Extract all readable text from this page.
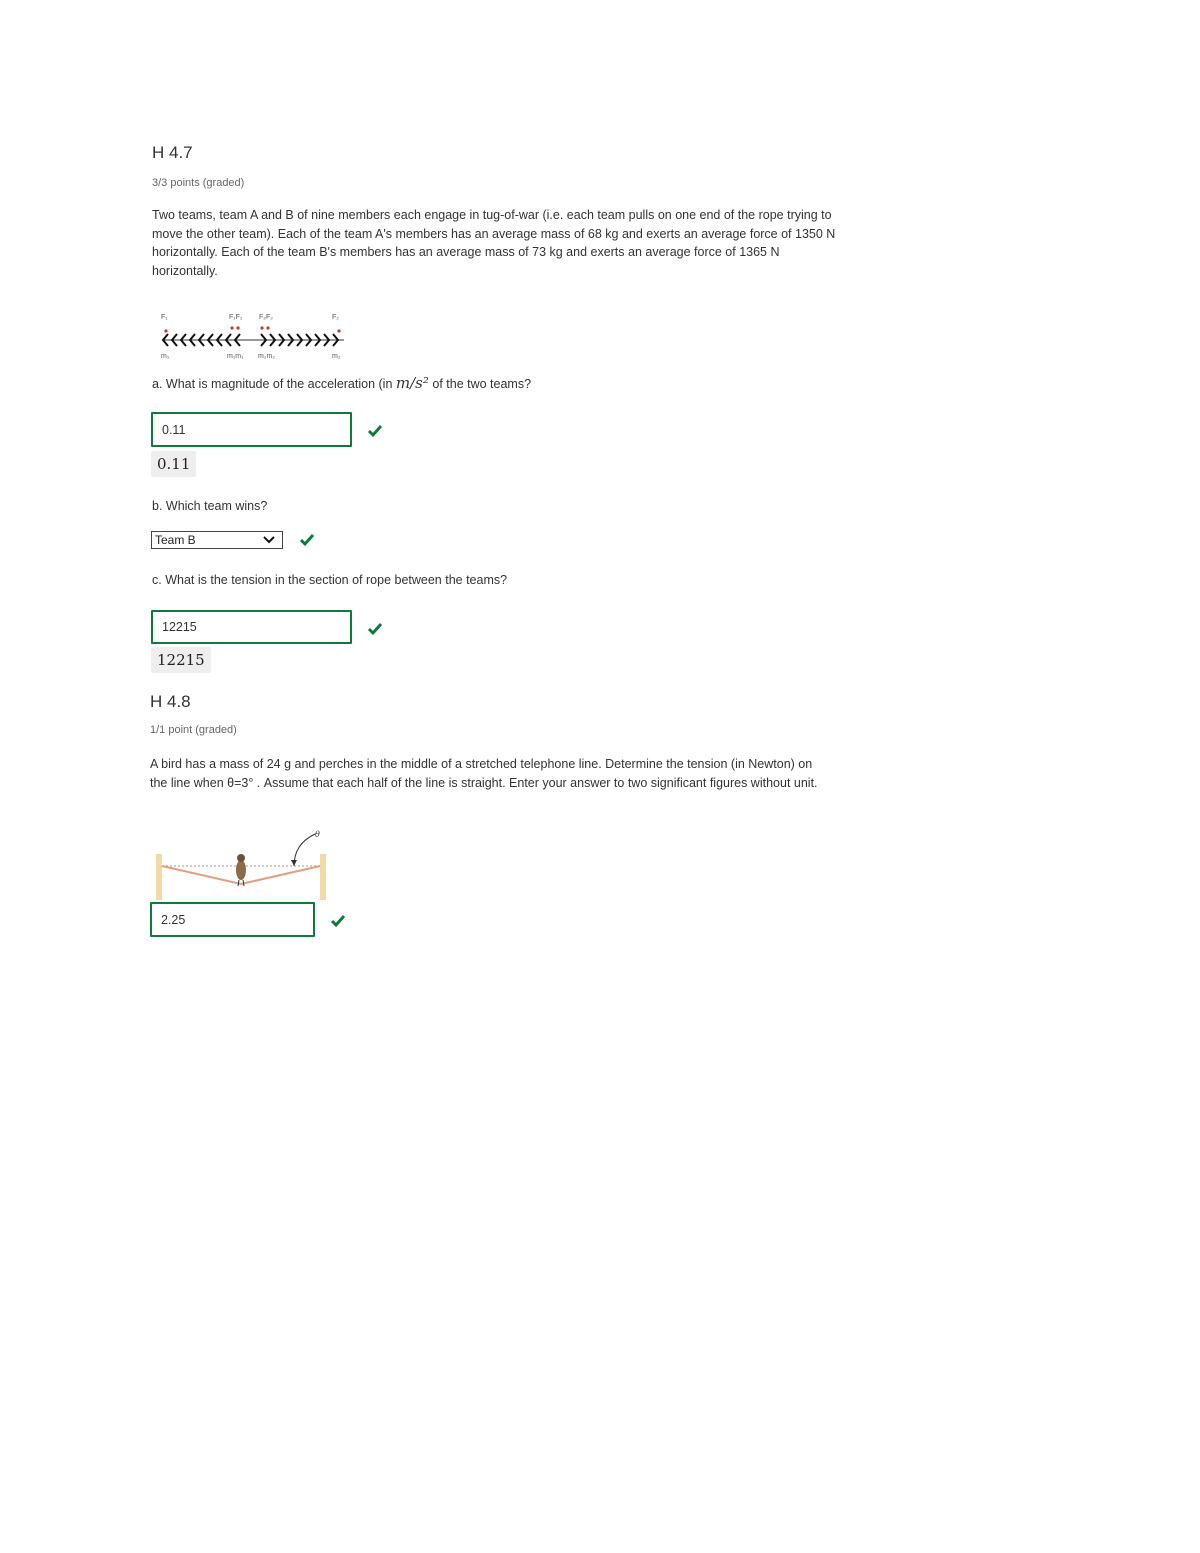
H 4.7
3/3 points (graded)
Two teams, team A and B of nine members each engage in tug-of-war (i.e. each team pulls on one end of the rope trying to move the other team). Each of the team A's members has an average mass of 68 kg and exerts an average force of 1350 N horizontally. Each of the team B's members has an average mass of 73 kg and exerts an average force of 1365 N horizontally.
F₁	F₁F₁ F₂F₂	F₂
m₁	m₁m₁ m₂m₂	m₂
a. What is magnitude of the acceleration (in m/s² of the two teams?
0.11
0.11
b. Which team wins?
Team B
c. What is the tension in the section of rope between the teams?
12215
12215
H 4.8
1/1 point (graded)
A bird has a mass of 24 g and perches in the middle of a stretched telephone line. Determine the tension (in Newton) on the line when θ=3° . Assume that each half of the line is straight. Enter your answer to two significant figures without unit.
θ
2.25
